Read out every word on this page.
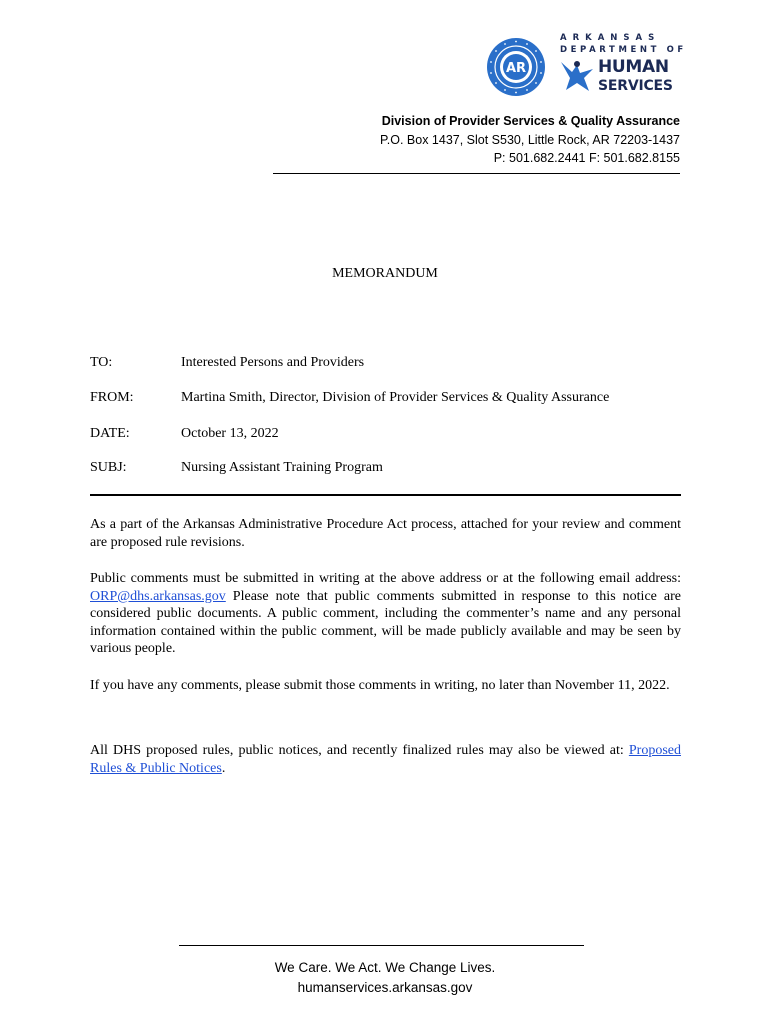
AR
ARKANSAS
DEPARTMENT OF
HUMAN
SERVICES
Division of Provider Services & Quality Assurance
P.O. Box 1437, Slot S530, Little Rock, AR 72203-1437
P: 501.682.2441 F: 501.682.8155
MEMORANDUM
TO:	Interested Persons and Providers
FROM:	Martina Smith, Director, Division of Provider Services & Quality Assurance
DATE:	October 13, 2022
SUBJ:	Nursing Assistant Training Program
As a part of the Arkansas Administrative Procedure Act process, attached for your review and comment are proposed rule revisions.
Public comments must be submitted in writing at the above address or at the following email address: ORP@dhs.arkansas.gov Please note that public comments submitted in response to this notice are considered public documents. A public comment, including the commenter’s name and any personal information contained within the public comment, will be made publicly available and may be seen by various people.
If you have any comments, please submit those comments in writing, no later than November 11, 2022.
All DHS proposed rules, public notices, and recently finalized rules may also be viewed at: Proposed Rules & Public Notices.
We Care. We Act. We Change Lives.
humanservices.arkansas.gov
